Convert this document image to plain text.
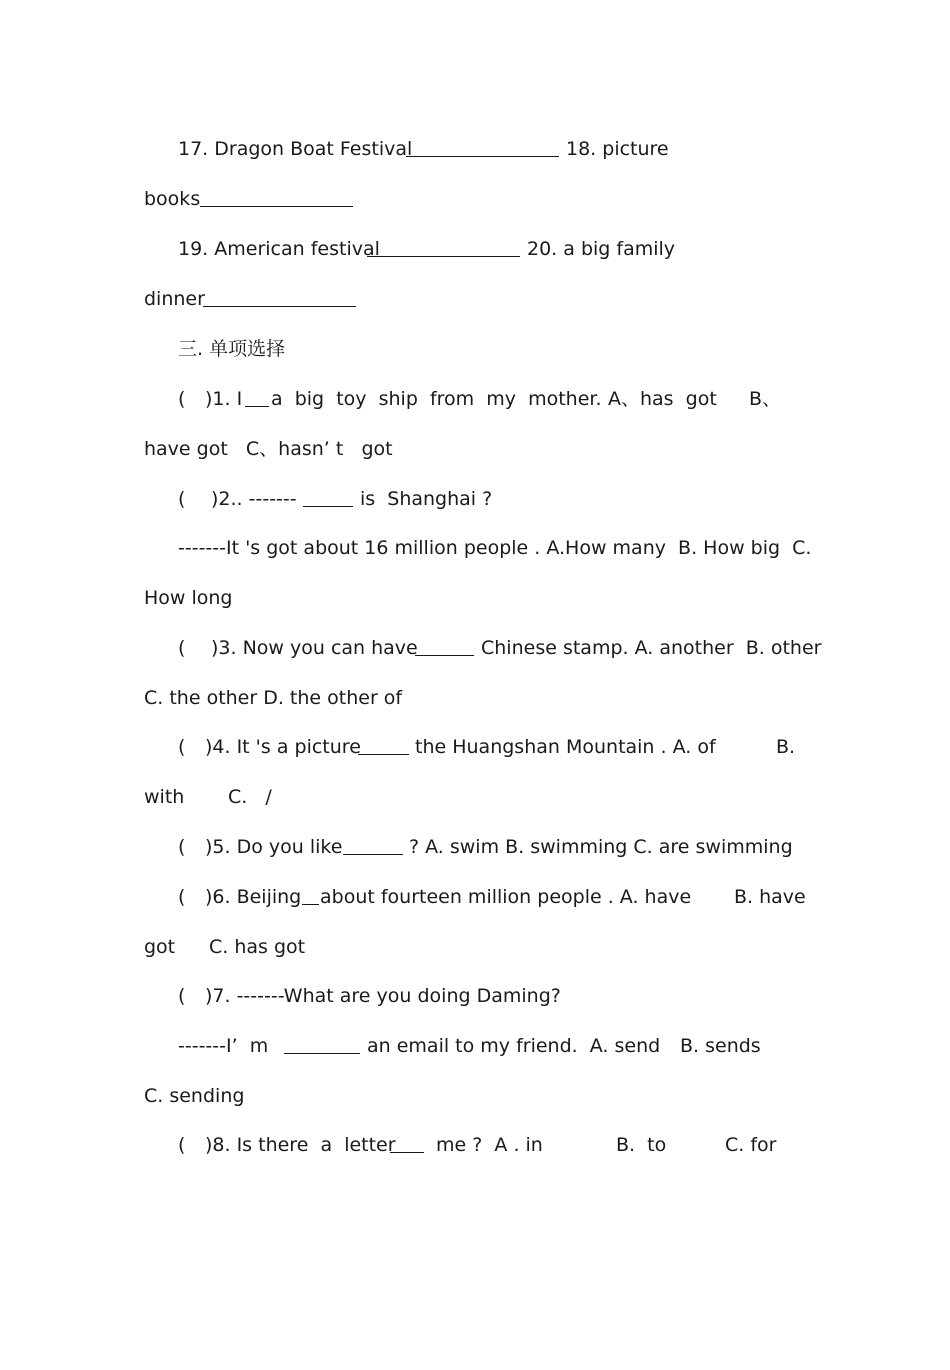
17. Dragon Boat Festival

	18. picture

books

19. American festival

	20. a big family

dinner

三. 单项选择

(

)1. I

a  big  toy  ship  from  my  mother.

A、has  got

B、

have got   C、hasn’ t   got

(

)2.. -------

	is  Shanghai ?

-------It 's got about 16 million people . A.How many  B. How big  C.

How long

(

)3. Now you can have

	Chinese stamp. A. another  B. other

C. the other D. the other of

(

)4. It 's a picture

	the Huangshan Mountain . A. of

	B.

with

C.   /

(

)5. Do you like

	? A. swim B. swimming C. are swimming

(

)6. Beijing

about fourteen million people . A. have

B. have

got

C. has got

(

)7. -------What are you doing Daming?

-------I’  m

	an email to my friend.  A. send

B. sends

C. sending

(

)8. Is there  a  letter

me ?  A . in

	B.  to

	C. for
